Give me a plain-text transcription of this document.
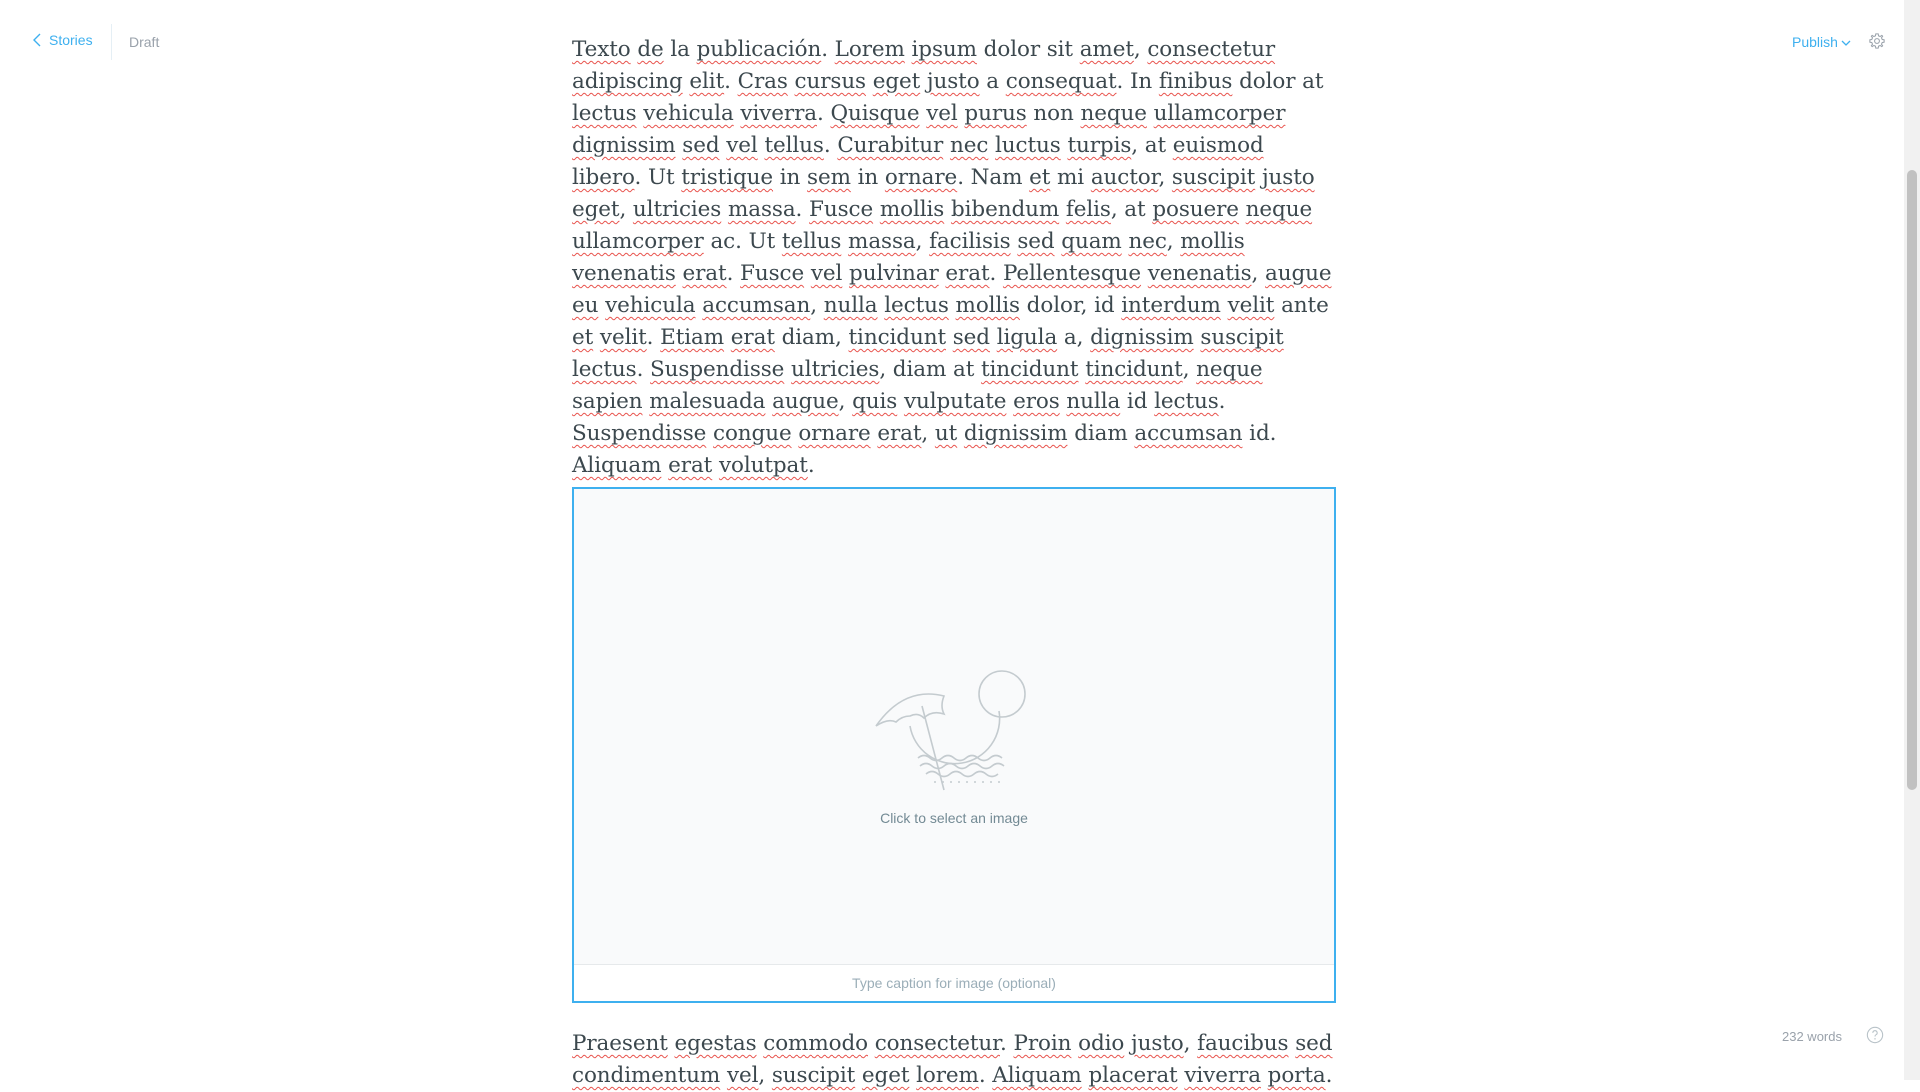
Stories	Draft	Publish

Texto de la publicación. Lorem ipsum dolor sit amet, consectetur adipiscing elit. Cras cursus eget justo a consequat. In finibus dolor at lectus vehicula viverra. Quisque vel purus non neque ullamcorper dignissim sed vel tellus. Curabitur nec luctus turpis, at euismod libero. Ut tristique in sem in ornare. Nam et mi auctor, suscipit justo eget, ultricies massa. Fusce mollis bibendum felis, at posuere neque ullamcorper ac. Ut tellus massa, facilisis sed quam nec, mollis venenatis erat. Fusce vel pulvinar erat. Pellentesque venenatis, augue eu vehicula accumsan, nulla lectus mollis dolor, id interdum velit ante et velit. Etiam erat diam, tincidunt sed ligula a, dignissim suscipit lectus. Suspendisse ultricies, diam at tincidunt tincidunt, neque sapien malesuada augue, quis vulputate eros nulla id lectus. Suspendisse congue ornare erat, ut dignissim diam accumsan id. Aliquam erat volutpat.

Click to select an image
Type caption for image (optional)

Praesent egestas commodo consectetur. Proin odio justo, faucibus sed condimentum vel, suscipit eget lorem. Aliquam placerat viverra porta.

232 words
